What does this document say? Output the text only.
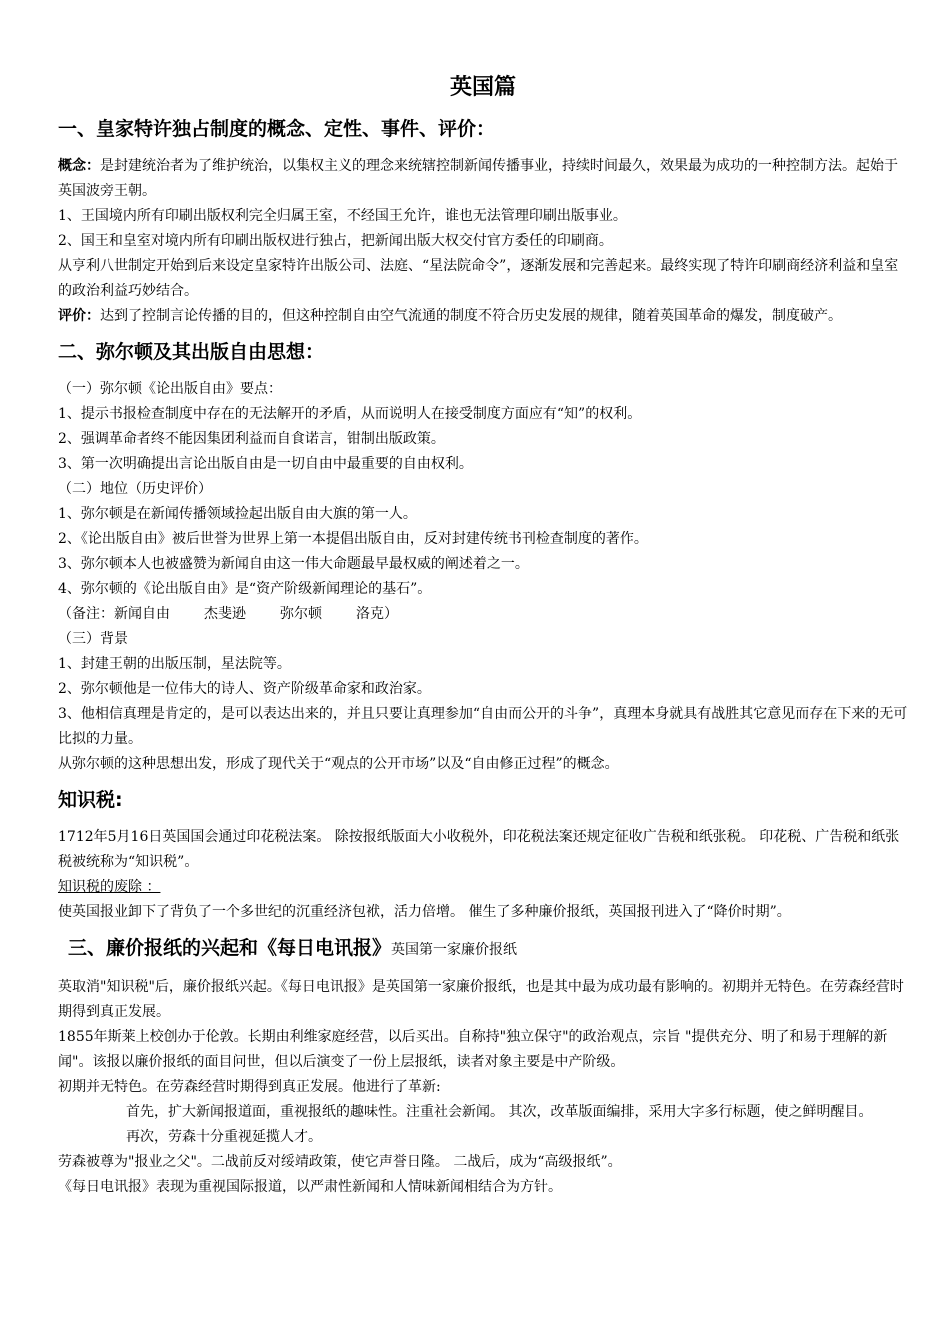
英国篇
一、皇家特许独占制度的概念、定性、事件、评价：

概念：是封建统治者为了维护统治，以集权主义的理念来统辖控制新闻传播事业，持续时间最久，效果最为成功的一种控制方法。起始于英国波旁王朝。

1、王国境内所有印刷出版权利完全归属王室，不经国王允许，谁也无法管理印刷出版事业。

2、国王和皇室对境内所有印刷出版权进行独占，把新闻出版大权交付官方委任的印刷商。

从亨利八世制定开始到后来设定皇家特许出版公司、法庭、“星法院命令”，逐渐发展和完善起来。最终实现了特许印刷商经济利益和皇室的政治利益巧妙结合。

评价：达到了控制言论传播的目的，但这种控制自由空气流通的制度不符合历史发展的规律，随着英国革命的爆发，制度破产。

二、弥尔顿及其出版自由思想：

（一）弥尔顿《论出版自由》要点：

1、提示书报检查制度中存在的无法解开的矛盾，从而说明人在接受制度方面应有“知”的权利。

2、强调革命者终不能因集团利益而自食诺言，钳制出版政策。

3、第一次明确提出言论出版自由是一切自由中最重要的自由权利。

（二）地位（历史评价）

1、弥尔顿是在新闻传播领域捡起出版自由大旗的第一人。

2、《论出版自由》被后世誉为世界上第一本提倡出版自由，反对封建传统书刊检查制度的著作。

3、弥尔顿本人也被盛赞为新闻自由这一伟大命题最早最权威的阐述着之一。

4、弥尔顿的《论出版自由》是“资产阶级新闻理论的基石”。

（备注：新闻自由 杰斐逊 弥尔顿 洛克）

（三）背景

1、封建王朝的出版压制，星法院等。

2、弥尔顿他是一位伟大的诗人、资产阶级革命家和政治家。

3、他相信真理是肯定的，是可以表达出来的，并且只要让真理参加“自由而公开的斗争”，真理本身就具有战胜其它意见而存在下来的无可比拟的力量。

从弥尔顿的这种思想出发，形成了现代关于“观点的公开市场”以及“自由修正过程”的概念。

知识税:

1712年5月16日英国国会通过印花税法案。 除按报纸版面大小收税外，印花税法案还规定征收广告税和纸张税。 印花税、广告税和纸张税被统称为“知识税”。

知识税的废除 ：

使英国报业卸下了背负了一个多世纪的沉重经济包袱，活力倍增。 催生了多种廉价报纸，英国报刊进入了“降价时期”。

三、廉价报纸的兴起和《每日电讯报》英国第一家廉价报纸

英取消"知识税"后，廉价报纸兴起。《每日电讯报》是英国第一家廉价报纸，也是其中最为成功最有影响的。初期并无特色。在劳森经营时期得到真正发展。

1855年斯莱上校创办于伦敦。长期由利维家庭经营，以后买出。自称持"独立保守"的政治观点，宗旨 "提供充分、明了和易于理解的新闻"。该报以廉价报纸的面目问世，但以后演变了一份上层报纸，读者对象主要是中产阶级。

初期并无特色。在劳森经营时期得到真正发展。他进行了革新:

首先，扩大新闻报道面，重视报纸的趣味性。注重社会新闻。 其次，改革版面编排，采用大字多行标题，使之鲜明醒目。

再次，劳森十分重视延揽人才。

劳森被尊为"报业之父"。二战前反对绥靖政策，使它声誉日隆。 二战后，成为“高级报纸”。

《每日电讯报》表现为重视国际报道，以严肃性新闻和人情味新闻相结合为方针。
